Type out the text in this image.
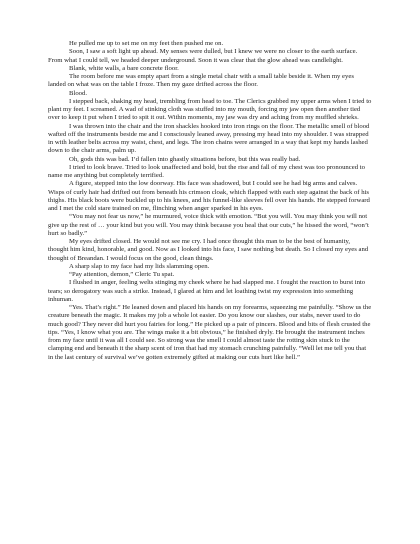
He pulled me up to set me on my feet then pushed me on.

Soon, I saw a soft light up ahead. My senses were dulled, but I knew we were no closer to the earth surface. From what I could tell, we headed deeper underground. Soon it was clear that the glow ahead was candlelight.

Blank, white walls, a bare concrete floor.

The room before me was empty apart from a single metal chair with a small table beside it. When my eyes landed on what was on the table I froze. Then my gaze drifted across the floor.

Blood.

I stepped back, shaking my head, trembling from head to toe. The Clerics grabbed my upper arms when I tried to plant my feet. I screamed. A wad of stinking cloth was stuffed into my mouth, forcing my jaw open then another tied over to keep it put when I tried to spit it out. Within moments, my jaw was dry and aching from my muffled shrieks.

I was thrown into the chair and the iron shackles hooked into iron rings on the floor. The metallic smell of blood wafted off the instruments beside me and I consciously leaned away, pressing my head into my shoulder. I was strapped in with leather belts across my waist, chest, and legs. The iron chains were arranged in a way that kept my hands lashed down to the chair arms, palm up.

Oh, gods this was bad. I’d fallen into ghastly situations before, but this was really bad.

I tried to look brave. Tried to look unaffected and bold, but the rise and fall of my chest was too pronounced to name me anything but completely terrified.

A figure, stepped into the low doorway. His face was shadowed, but I could see he had big arms and calves. Wisps of curly hair had drifted out from beneath his crimson cloak, which flapped with each step against the back of his thighs. His black boots were buckled up to his knees, and his funnel-like sleeves fell over his hands. He stepped forward and I met the cold stare trained on me, flinching when anger sparked in his eyes.

“You may not fear us now,” he murmured, voice thick with emotion. “But you will. You may think you will not give up the rest of … your kind but you will. You may think because you heal that our cuts,” he hissed the word, “won’t hurt so badly.”

My eyes drifted closed. He would not see me cry. I had once thought this man to be the best of humanity, thought him kind, honorable, and good. Now as I looked into his face, I saw nothing but death. So I closed my eyes and thought of Breandan. I would focus on the good, clean things.

A sharp slap to my face had my lids slamming open.

“Pay attention, demon,” Cleric Tu spat.

I flushed in anger, feeling welts stinging my cheek where he had slapped me. I fought the reaction to burst into tears; so derogatory was such a strike. Instead, I glared at him and let loathing twist my expression into something inhuman.

“Yes. That’s right.” He leaned down and placed his hands on my forearms, squeezing me painfully. “Show us the creature beneath the magic. It makes my job a whole lot easier. Do you know our slashes, our stabs, never used to do much good? They never did hurt you fairies for long.” He picked up a pair of pincers. Blood and bits of flesh crusted the tips. “Yes, I know what you are. The wings make it a bit obvious,” he finished dryly. He brought the instrument inches from my face until it was all I could see. So strong was the smell I could almost taste the rotting skin stuck to the clamping end and beneath it the sharp scent of iron that had my stomach crunching painfully. “Well let me tell you that in the last century of survival we’ve gotten extremely gifted at making our cuts hurt like hell.”
